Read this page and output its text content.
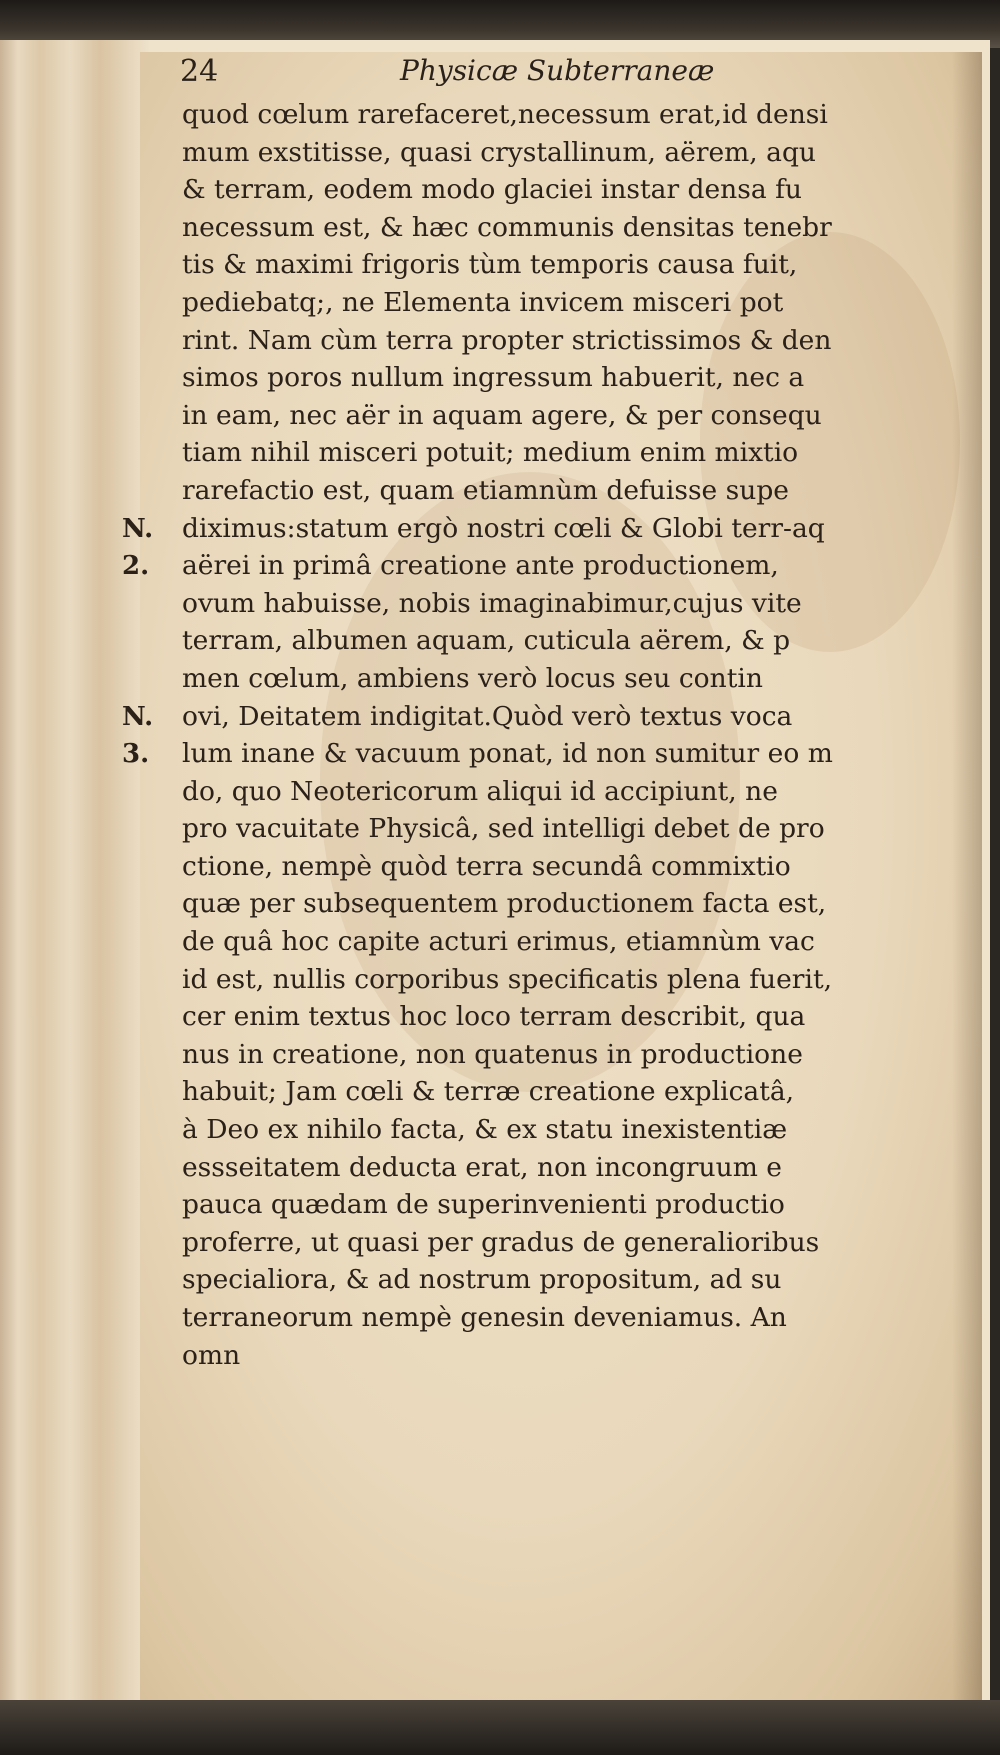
24	Physicæ Subterraneæ
N.
2.
N.
3.
quod cœlum rarefaceret,necessum erat,id densi
mum exstitisse, quasi crystallinum, aërem, aqu
& terram, eodem modo glaciei instar densa fu
necessum est, & hæc communis densitas tenebr
tis & maximi frigoris tùm temporis causa fuit,
pediebatq;, ne Elementa invicem misceri pot
rint. Nam cùm terra propter strictissimos & den
simos poros nullum ingressum habuerit, nec a
in eam, nec aër in aquam agere, & per consequ
tiam nihil misceri potuit; medium enim mixtio
rarefactio est, quam etiamnùm defuisse supe
diximus:statum ergò nostri cœli & Globi terr-aq
aërei in primâ creatione ante productionem,
ovum habuisse, nobis imaginabimur,cujus vite
terram, albumen aquam, cuticula aërem, & p
men cœlum, ambiens verò locus seu contin
ovi, Deitatem indigitat.Quòd verò textus voca
lum inane & vacuum ponat, id non sumitur eo m
do, quo Neotericorum aliqui id accipiunt, ne
pro vacuitate Physicâ, sed intelligi debet de pro
ctione, nempè quòd terra secundâ commixtio
quæ per subsequentem productionem facta est,
de quâ hoc capite acturi erimus, etiamnùm vac
id est, nullis corporibus specificatis plena fuerit,
cer enim textus hoc loco terram describit, qua
nus in creatione, non quatenus in productione
habuit; Jam cœli & terræ creatione explicatâ,
à Deo ex nihilo facta, & ex statu inexistentiæ
essseitatem deducta erat, non incongruum e
pauca quædam de superinvenienti productio
proferre, ut quasi per gradus de generalioribus
specialiora, & ad nostrum propositum, ad su
terraneorum nempè genesin deveniamus. An
omn
